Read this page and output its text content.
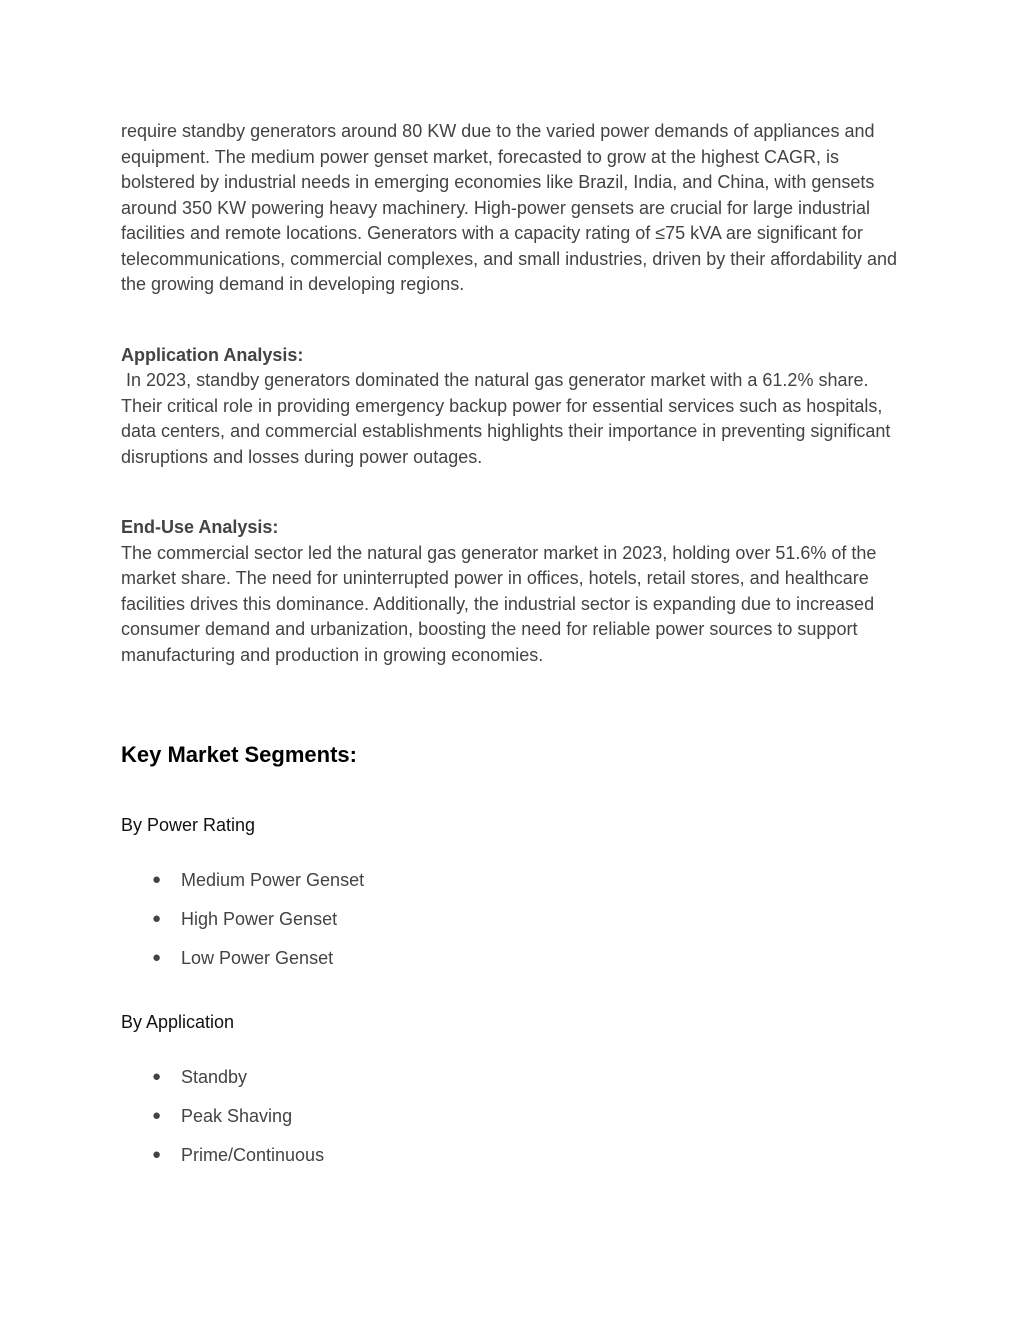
require standby generators around 80 KW due to the varied power demands of appliances and equipment. The medium power genset market, forecasted to grow at the highest CAGR, is bolstered by industrial needs in emerging economies like Brazil, India, and China, with gensets around 350 KW powering heavy machinery. High-power gensets are crucial for large industrial facilities and remote locations. Generators with a capacity rating of ≤75 kVA are significant for telecommunications, commercial complexes, and small industries, driven by their affordability and the growing demand in developing regions.

Application Analysis:

In 2023, standby generators dominated the natural gas generator market with a 61.2% share. Their critical role in providing emergency backup power for essential services such as hospitals, data centers, and commercial establishments highlights their importance in preventing significant disruptions and losses during power outages.

End-Use Analysis:

The commercial sector led the natural gas generator market in 2023, holding over 51.6% of the market share. The need for uninterrupted power in offices, hotels, retail stores, and healthcare facilities drives this dominance. Additionally, the industrial sector is expanding due to increased consumer demand and urbanization, boosting the need for reliable power sources to support manufacturing and production in growing economies.

Key Market Segments:

By Power Rating

● Medium Power Genset
● High Power Genset
● Low Power Genset

By Application

● Standby
● Peak Shaving
● Prime/Continuous
